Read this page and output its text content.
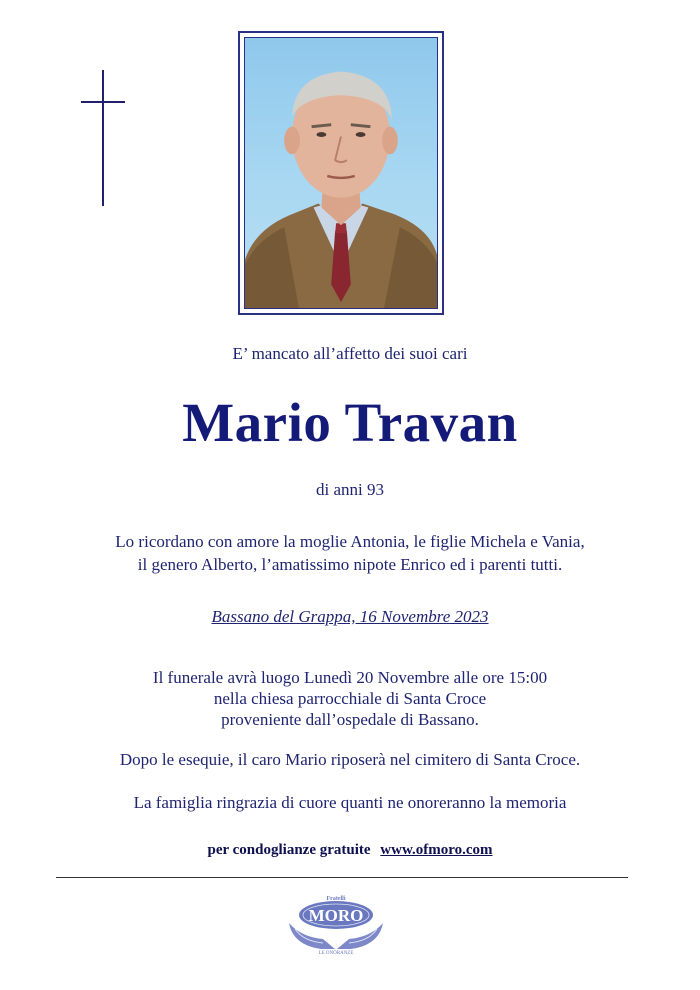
E’ mancato all’affetto dei suoi cari
Mario Travan
di anni 93
Lo ricordano con amore la moglie Antonia, le figlie Michela e Vania,
il genero Alberto, l’amatissimo nipote Enrico ed i parenti tutti.
Bassano del Grappa, 16 Novembre 2023
Il funerale avrà luogo Lunedì 20 Novembre alle ore 15:00
nella chiesa parrocchiale di Santa Croce
proveniente dall’ospedale di Bassano.
Dopo le esequie, il caro Mario riposerà nel cimitero di Santa Croce.
La famiglia ringrazia di cuore quanti ne onoreranno la memoria
per condoglianze gratuite www.ofmoro.com
Fratelli
MORO
LE ONORANZE
